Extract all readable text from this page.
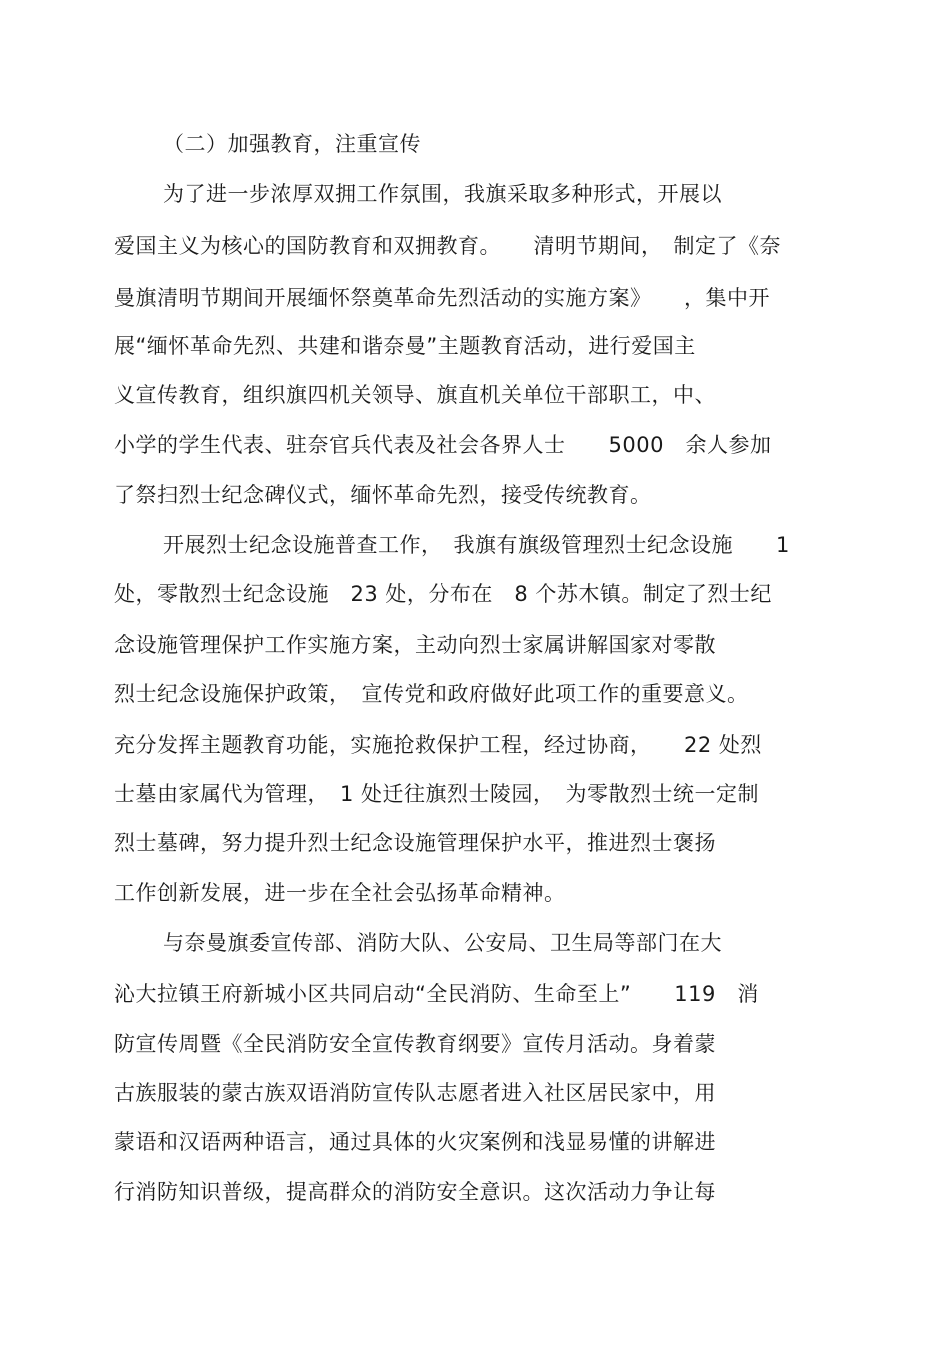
（二）加强教育，注重宣传
为了进一步浓厚双拥工作氛围，我旗采取多种形式，开展以
爱国主义为核心的国防教育和双拥教育。　　清明节期间，　制定了《奈
曼旗清明节期间开展缅怀祭奠革命先烈活动的实施方案》　　，集中开
展“缅怀革命先烈、共建和谐奈曼”主题教育活动，进行爱国主
义宣传教育，组织旗四机关领导、旗直机关单位干部职工，中、
小学的学生代表、驻奈官兵代表及社会各界人士　　5000　余人参加
了祭扫烈士纪念碑仪式，缅怀革命先烈，接受传统教育。
开展烈士纪念设施普查工作，　我旗有旗级管理烈士纪念设施　　1
处，零散烈士纪念设施　23 处，分布在　8 个苏木镇。制定了烈士纪
念设施管理保护工作实施方案，主动向烈士家属讲解国家对零散
烈士纪念设施保护政策，　宣传党和政府做好此项工作的重要意义。
充分发挥主题教育功能，实施抢救保护工程，经过协商，　　22 处烈
士墓由家属代为管理，　1 处迁往旗烈士陵园，　为零散烈士统一定制
烈士墓碑，努力提升烈士纪念设施管理保护水平，推进烈士褒扬
工作创新发展，进一步在全社会弘扬革命精神。
与奈曼旗委宣传部、消防大队、公安局、卫生局等部门在大
沁大拉镇王府新城小区共同启动“全民消防、生命至上”　　119　消
防宣传周暨《全民消防安全宣传教育纲要》宣传月活动。身着蒙
古族服装的蒙古族双语消防宣传队志愿者进入社区居民家中，用
蒙语和汉语两种语言，通过具体的火灾案例和浅显易懂的讲解进
行消防知识普级，提高群众的消防安全意识。这次活动力争让每
